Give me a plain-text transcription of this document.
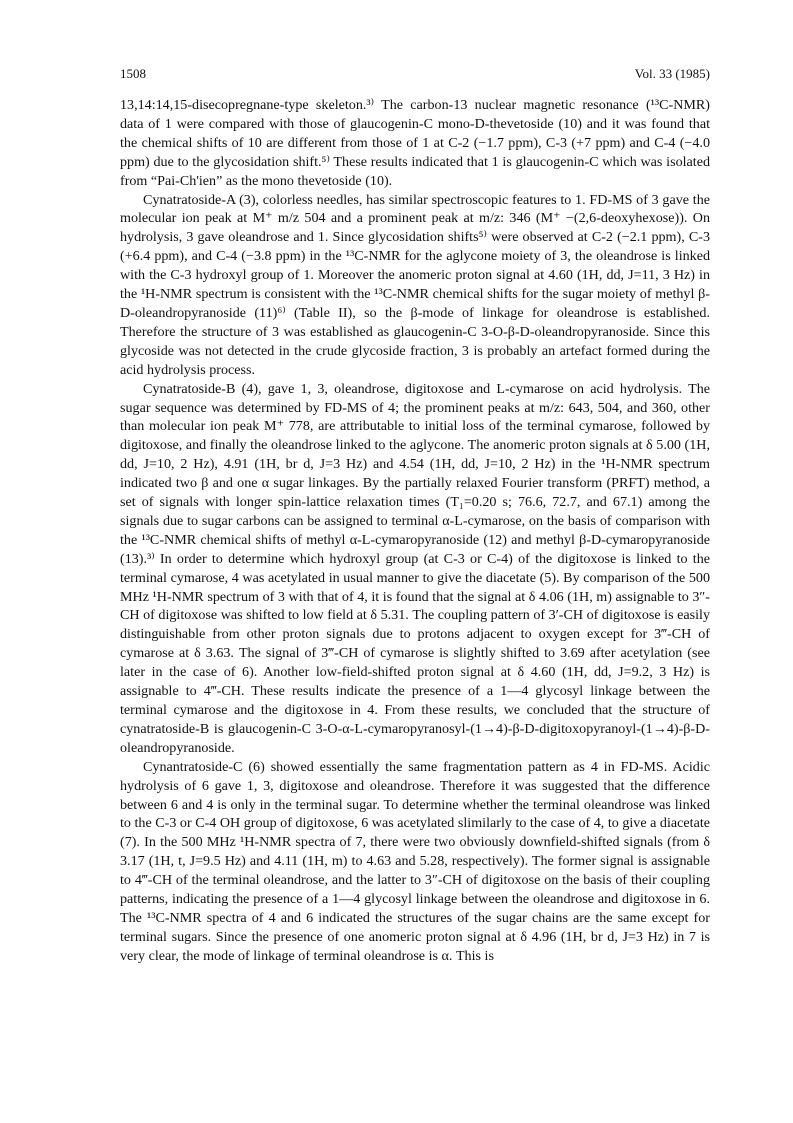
1508	Vol. 33 (1985)

13,14:14,15-disecopregnane-type skeleton.³⁾ The carbon-13 nuclear magnetic resonance (¹³C-NMR) data of 1 were compared with those of glaucogenin-C mono-D-thevetoside (10) and it was found that the chemical shifts of 10 are different from those of 1 at C-2 (−1.7 ppm), C-3 (+7 ppm) and C-4 (−4.0 ppm) due to the glycosidation shift.⁵⁾ These results indicated that 1 is glaucogenin-C which was isolated from “Pai-Ch'ien” as the mono thevetoside (10).

Cynatratoside-A (3), colorless needles, has similar spectroscopic features to 1. FD-MS of 3 gave the molecular ion peak at M⁺ m/z 504 and a prominent peak at m/z: 346 (M⁺ −(2,6-deoxyhexose)). On hydrolysis, 3 gave oleandrose and 1. Since glycosidation shifts⁵⁾ were observed at C-2 (−2.1 ppm), C-3 (+6.4 ppm), and C-4 (−3.8 ppm) in the ¹³C-NMR for the aglycone moiety of 3, the oleandrose is linked with the C-3 hydroxyl group of 1. Moreover the anomeric proton signal at 4.60 (1H, dd, J=11, 3 Hz) in the ¹H-NMR spectrum is consistent with the ¹³C-NMR chemical shifts for the sugar moiety of methyl β-D-oleandropyranoside (11)⁶⁾ (Table II), so the β-mode of linkage for oleandrose is established. Therefore the structure of 3 was established as glaucogenin-C 3-O-β-D-oleandropyranoside. Since this glycoside was not detected in the crude glycoside fraction, 3 is probably an artefact formed during the acid hydrolysis process.

Cynatratoside-B (4), gave 1, 3, oleandrose, digitoxose and L-cymarose on acid hydrolysis. The sugar sequence was determined by FD-MS of 4; the prominent peaks at m/z: 643, 504, and 360, other than molecular ion peak M⁺ 778, are attributable to initial loss of the terminal cymarose, followed by digitoxose, and finally the oleandrose linked to the aglycone. The anomeric proton signals at δ 5.00 (1H, dd, J=10, 2 Hz), 4.91 (1H, br d, J=3 Hz) and 4.54 (1H, dd, J=10, 2 Hz) in the ¹H-NMR spectrum indicated two β and one α sugar linkages. By the partially relaxed Fourier transform (PRFT) method, a set of signals with longer spin-lattice relaxation times (T₁=0.20 s; 76.6, 72.7, and 67.1) among the signals due to sugar carbons can be assigned to terminal α-L-cymarose, on the basis of comparison with the ¹³C-NMR chemical shifts of methyl α-L-cymaropyranoside (12) and methyl β-D-cymaropyranoside (13).³⁾ In order to determine which hydroxyl group (at C-3 or C-4) of the digitoxose is linked to the terminal cymarose, 4 was acetylated in usual manner to give the diacetate (5). By comparison of the 500 MHz ¹H-NMR spectrum of 3 with that of 4, it is found that the signal at δ 4.06 (1H, m) assignable to 3″-CH of digitoxose was shifted to low field at δ 5.31. The coupling pattern of 3′-CH of digitoxose is easily distinguishable from other proton signals due to protons adjacent to oxygen except for 3‴-CH of cymarose at δ 3.63. The signal of 3‴-CH of cymarose is slightly shifted to 3.69 after acetylation (see later in the case of 6). Another low-field-shifted proton signal at δ 4.60 (1H, dd, J=9.2, 3 Hz) is assignable to 4‴-CH. These results indicate the presence of a 1—4 glycosyl linkage between the terminal cymarose and the digitoxose in 4. From these results, we concluded that the structure of cynatratoside-B is glaucogenin-C 3-O-α-L-cymaropyranosyl-(1→4)-β-D-digitoxopyranoyl-(1→4)-β-D-oleandropyranoside.

Cynantratoside-C (6) showed essentially the same fragmentation pattern as 4 in FD-MS. Acidic hydrolysis of 6 gave 1, 3, digitoxose and oleandrose. Therefore it was suggested that the difference between 6 and 4 is only in the terminal sugar. To determine whether the terminal oleandrose was linked to the C-3 or C-4 OH group of digitoxose, 6 was acetylated slimilarly to the case of 4, to give a diacetate (7). In the 500 MHz ¹H-NMR spectra of 7, there were two obviously downfield-shifted signals (from δ 3.17 (1H, t, J=9.5 Hz) and 4.11 (1H, m) to 4.63 and 5.28, respectively). The former signal is assignable to 4‴-CH of the terminal oleandrose, and the latter to 3″-CH of digitoxose on the basis of their coupling patterns, indicating the presence of a 1—4 glycosyl linkage between the oleandrose and digitoxose in 6. The ¹³C-NMR spectra of 4 and 6 indicated the structures of the sugar chains are the same except for terminal sugars. Since the presence of one anomeric proton signal at δ 4.96 (1H, br d, J=3 Hz) in 7 is very clear, the mode of linkage of terminal oleandrose is α. This is
